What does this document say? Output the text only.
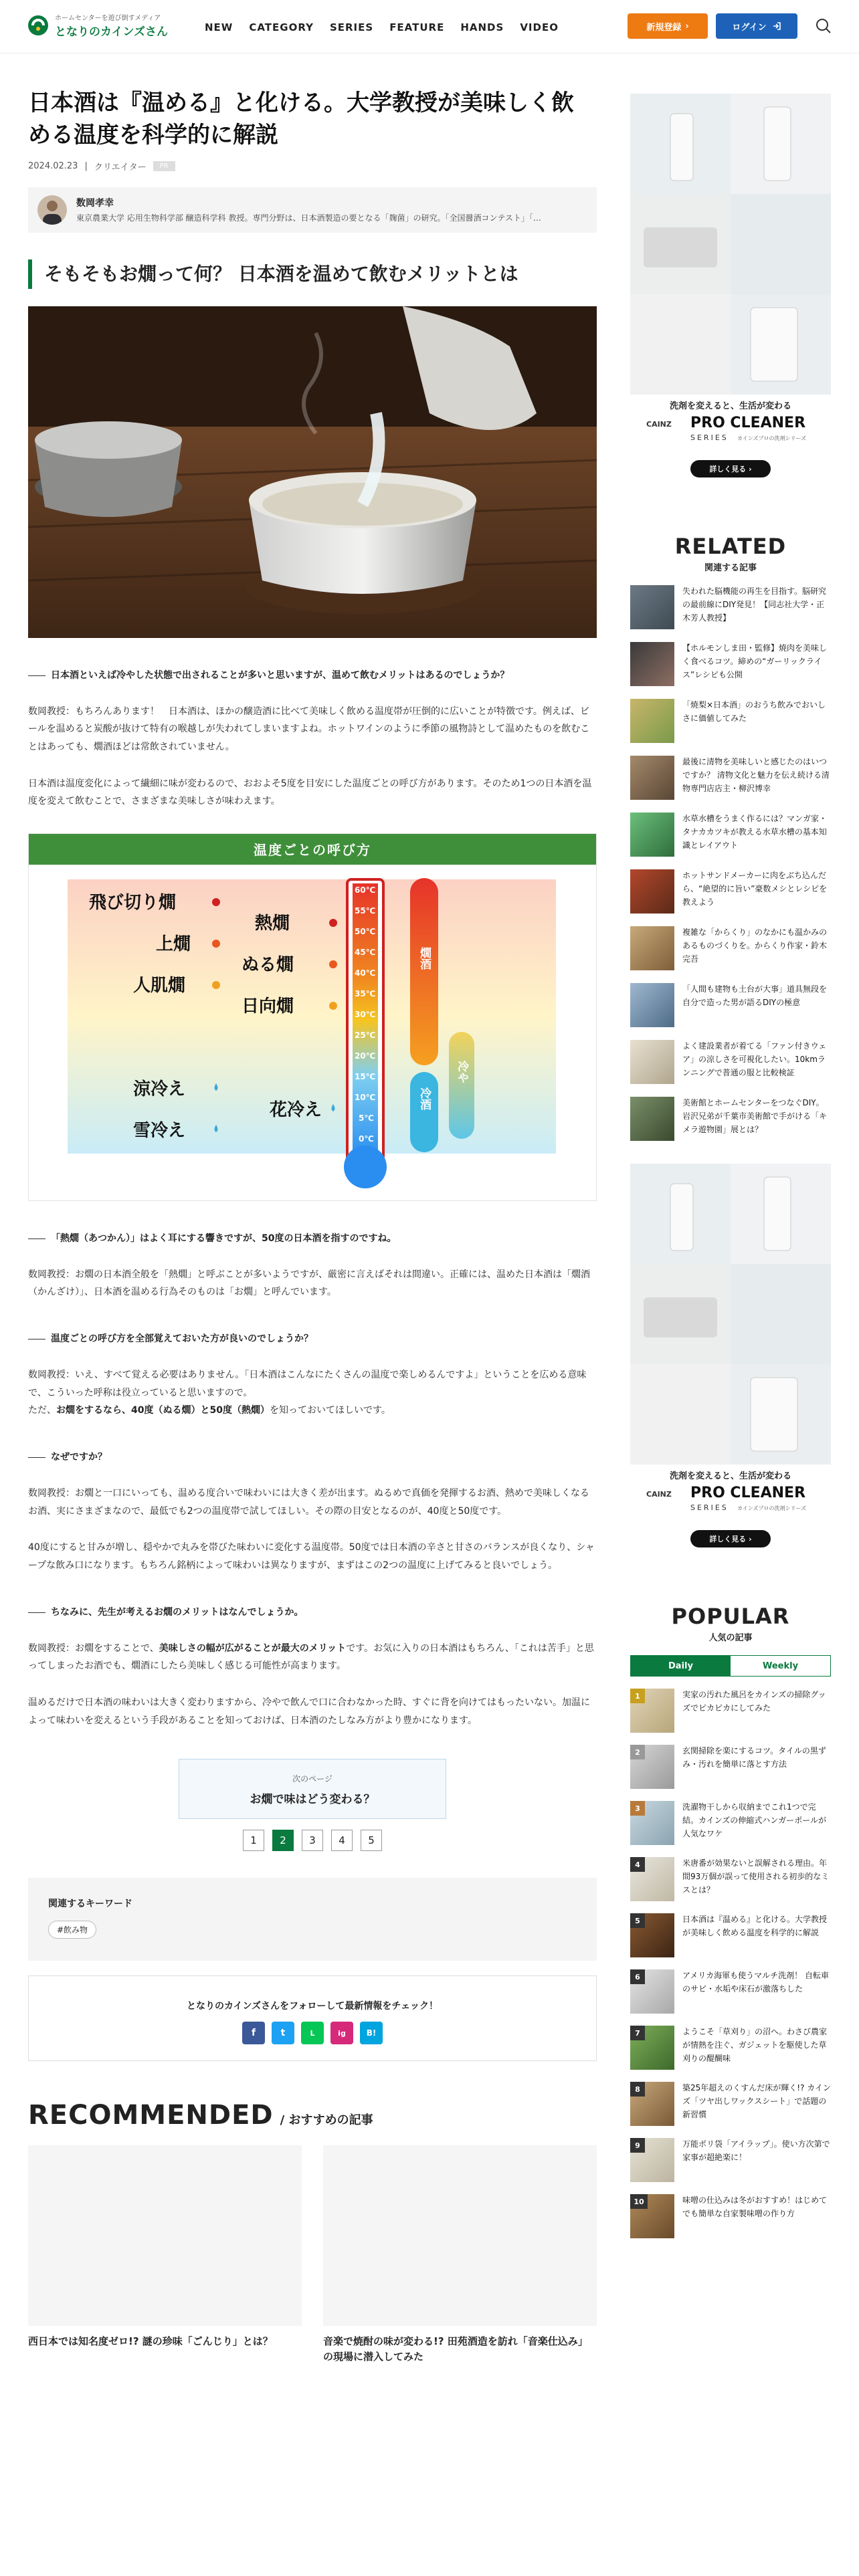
ホームセンターを遊び倒すメディア
となりのカインズさん	NEW CATEGORY SERIES FEATURE HANDS VIDEO	新規登録 ›	ログイン
日本酒は『温める』と化ける。大学教授が美味しく飲める温度を科学的に解説
2024.02.23 | クリエイター	PR
数岡孝幸
東京農業大学 応用生物科学部 醸造科学科 教授。専門分野は、日本酒製造の要となる「麹菌」の研究。「全国醤酒コンテスト」「…
そもそもお燗って何？ 日本酒を温めて飲むメリットとは

日本酒といえば冷やした状態で出されることが多いと思いますが、温めて飲むメリットはあるのでしょうか？

数岡教授：もちろんあります！　日本酒は、ほかの醸造酒に比べて美味しく飲める温度帯が圧倒的に広いことが特徴です。例えば、ビールを温めると炭酸が抜けて特有の喉越しが失われてしまいますよね。ホットワインのように季節の風物詩として温めたものを飲むことはあっても、燗酒ほどは常飲されていません。

日本酒は温度変化によって繊細に味が変わるので、おおよそ5度を目安にした温度ごとの呼び方があります。そのため1つの日本酒を温度を変えて飲むことで、さまざまな美味しさが味わえます。

温度ごとの呼び方
60℃
55℃
50℃
45℃
40℃
35℃
30℃
25℃
20℃
15℃
10℃
5℃
0℃
飛び切り燗
上燗
人肌燗
熱燗
ぬる燗
日向燗
涼冷え
雪冷え
花冷え
燗酒
冷酒
冷や

「熱燗（あつかん）」はよく耳にする響きですが、50度の日本酒を指すのですね。

数岡教授：お燗の日本酒全般を「熱燗」と呼ぶことが多いようですが、厳密に言えばそれは間違い。正確には、温めた日本酒は「燗酒（かんざけ）」、日本酒を温める行為そのものは「お燗」と呼んでいます。

温度ごとの呼び方を全部覚えておいた方が良いのでしょうか？

数岡教授：いえ、すべて覚える必要はありません。「日本酒はこんなにたくさんの温度で楽しめるんですよ」ということを広める意味で、こういった呼称は役立っていると思いますので。

ただ、お燗をするなら、40度（ぬる燗）と50度（熱燗）を知っておいてほしいです。

なぜですか？

数岡教授：お燗と一口にいっても、温める度合いで味わいには大きく差が出ます。ぬるめで真価を発揮するお酒、熱めで美味しくなるお酒、実にさまざまなので、最低でも2つの温度帯で試してほしい。その際の目安となるのが、40度と50度です。

40度にすると甘みが増し、穏やかで丸みを帯びた味わいに変化する温度帯。50度では日本酒の辛さと甘さのバランスが良くなり、シャープな飲み口になります。もちろん銘柄によって味わいは異なりますが、まずはこの2つの温度に上げてみると良いでしょう。

ちなみに、先生が考えるお燗のメリットはなんでしょうか。

数岡教授：お燗をすることで、美味しさの幅が広がることが最大のメリットです。お気に入りの日本酒はもちろん、「これは苦手」と思ってしまったお酒でも、燗酒にしたら美味しく感じる可能性が高まります。

温めるだけで日本酒の味わいは大きく変わりますから、冷やで飲んで口に合わなかった時、すぐに背を向けてはもったいない。加温によって味わいを変えるという手段があることを知っておけば、日本酒のたしなみ方がより豊かになります。

次のページ
お燗で味はどう変わる？
1	2	3	4	5
関連するキーワード
#飲み物
となりのカインズさんをフォローして最新情報をチェック！
f	t	L	ig	B!
RECOMMENDED / おすすめの記事
西日本では知名度ゼロ!? 謎の珍味「ごんじり」とは？	音楽で焼酎の味が変わる!? 田苑酒造を訪れ「音楽仕込み」の現場に潜入してみた
洗剤を変えると、生活が変わる
CAINZ PRO CLEANER
SERIES カインズプロの洗剤シリーズ
詳しく見る ›
RELATED
関連する記事
失われた脳機能の再生を目指す。脳研究の最前線にDIY発見！【同志社大学・正木芳人教授】
【ホルモンしま田・監修】焼肉を美味しく食べるコツ。締めの“ガーリックライス”レシピも公開
「焼梨×日本酒」のおうち飲みでおいしさに価値してみた
最後に清物を美味しいと感じたのはいつですか？ 清物文化と魅力を伝え続ける清物専門店店主・柳沢博幸
水草水槽をうまく作るには？マンガ家・タナカカツキが教える水草水槽の基本知識とレイアウト
ホットサンドメーカーに肉をぶち込んだら、“絶望的に旨い”豪数メシとレシピを教えよう
複雑な「からくり」のなかにも温かみのあるものづくりを。からくり作家・鈴木完吾
「人間も建物も土台が大事」道具無段を自分で造った男が語るDIYの極意
よく建設業者が着てる「ファン付きウェア」の涼しさを可視化したい。10kmランニングで普通の服と比較検証
美術館とホームセンターをつなぐDIY。岩沢兄弟が千葉市美術館で手がける「キメラ遊物園」展とは？
洗剤を変えると、生活が変わる
CAINZ PRO CLEANER
SERIES カインズプロの洗剤シリーズ
詳しく見る ›
POPULAR
人気の記事
Daily	Weekly
1	実家の汚れた風呂をカインズの掃除グッズでピカピカにしてみた
2	玄関掃除を楽にするコツ。タイルの黒ずみ・汚れを簡単に落とす方法
3	洗濯物干しから収納までこれ1つで完結。カインズの伸縮式ハンガーポールが人気なワケ
4	米唐番が効果ないと誤解される理由。年間93万個が誤って使用される初歩的なミスとは？
5	日本酒は『温める』と化ける。大学教授が美味しく飲める温度を科学的に解説
6	アメリカ海軍も使うマルチ洗剤！ 自転車のサビ・水垢や床石が激落ちした
7	ようこそ「草刈り」の沼へ。わさび農家が情熱を注ぐ、ガジェットを駆使した草刈りの醍醐味
8	築25年超えのくすんだ床が輝く!? カインズ「ツヤ出しワックスシート」で話題の新習慣
9	万能ポリ袋「アイラップ」。使い方次第で家事が超絶楽に！
10	味噌の仕込みは冬がおすすめ！はじめてでも簡単な自家製味噌の作り方
